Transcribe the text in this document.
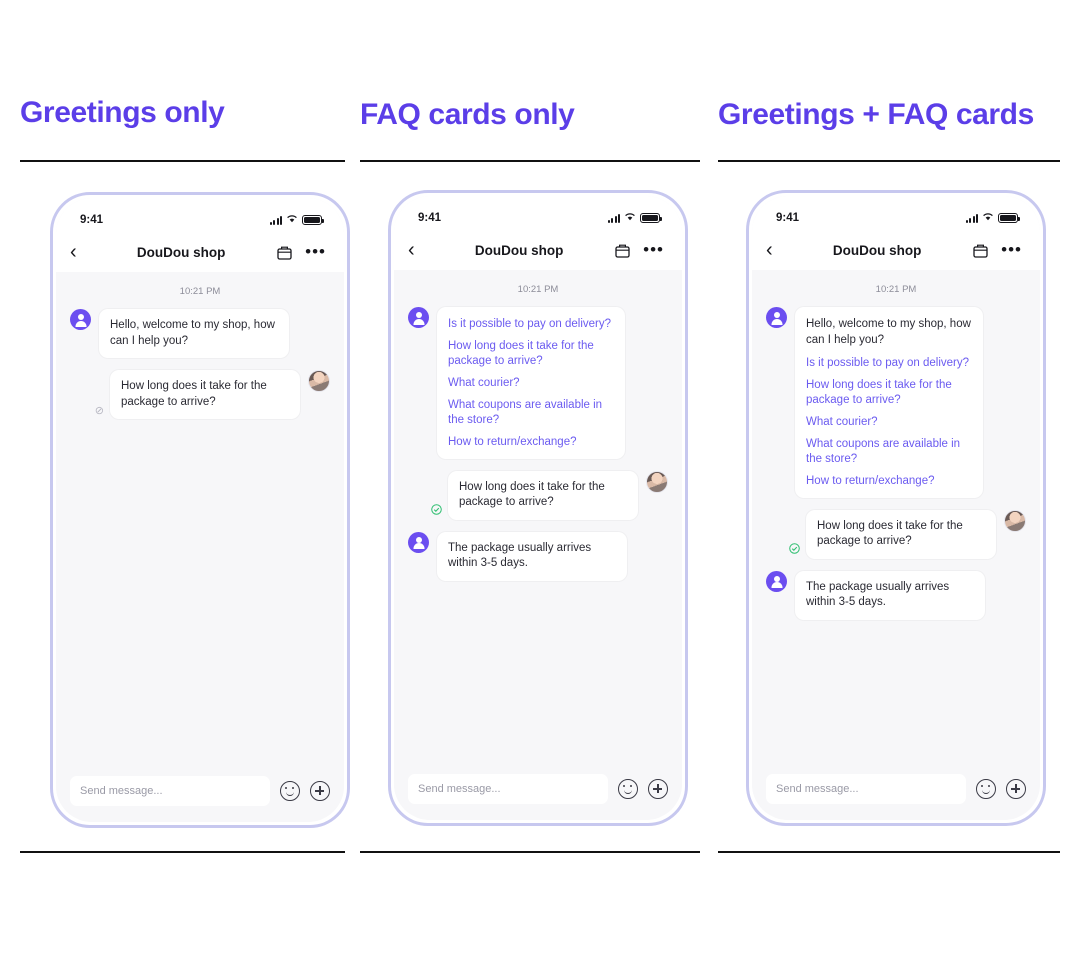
Greetings only
9:41
‹	DouDou shop	•••
10:21 PM
Hello, welcome to my shop, how can I help you?
⊘
How long does it take for the package to arrive?
Send message...
FAQ cards only
9:41
‹	DouDou shop	•••
10:21 PM
Is it possible to pay on delivery?
How long does it take for the package to arrive?
What courier?
What coupons are available in the store?
How to return/exchange?
How long does it take for the package to arrive?
The package usually arrives within 3-5 days.
Send message...
Greetings + FAQ cards
9:41
‹	DouDou shop	•••
10:21 PM
Hello, welcome to my shop, how can I help you?
Is it possible to pay on delivery?
How long does it take for the package to arrive?
What courier?
What coupons are available in the store?
How to return/exchange?
How long does it take for the package to arrive?
The package usually arrives within 3-5 days.
Send message...
